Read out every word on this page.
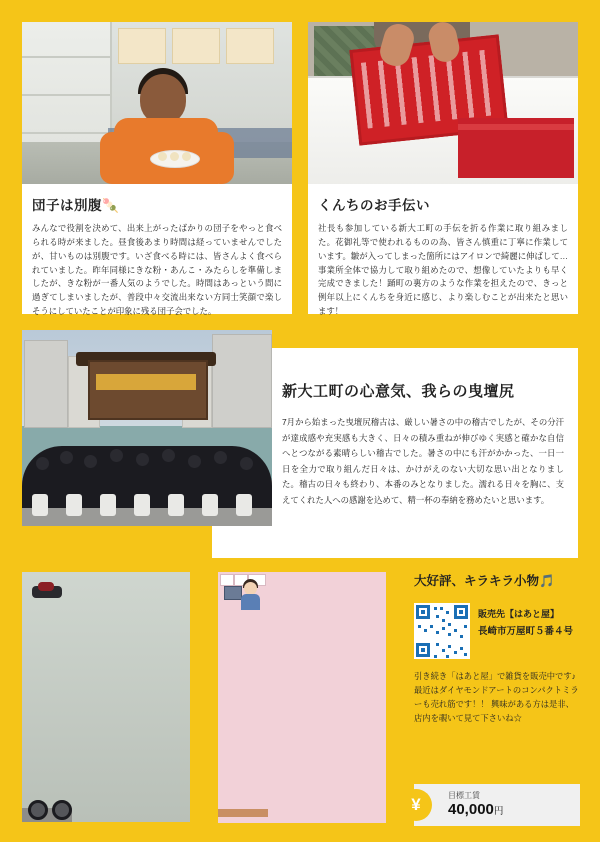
団子は別腹🍡

みんなで役割を決めて、出来上がったばかりの団子をやっと食べられる時が来ました。昼食後あまり時間は経っていませんでしたが、甘いものは別腹です。いざ食べる時には、皆さんよく食べられていました。昨年同様にきな粉・あんこ・みたらしを準備しましたが、きな粉が一番人気のようでした。時間はあっという間に過ぎてしまいましたが、普段中々交流出来ない方同士笑顔で楽しそうにしていたことが印象に残る団子会でした。

くんちのお手伝い

社長も参加している新大工町の手伝を折る作業に取り組みました。花御礼等で使われるものの為、皆さん慎重に丁寧に作業しています。皺が入ってしまった箇所にはアイロンで綺麗に伸ばして…事業所全体で協力して取り組めたので、想像していたよりも早く完成できました！踊町の裏方のような作業を担えたので、きっと例年以上にくんちを身近に感じ、より楽しむことが出来たと思います！

新大工町の心意気、我らの曳壇尻

7月から始まった曳壇尻稽古は、厳しい暑さの中の稽古でしたが、その分汗が達成感や充実感も大きく、日々の積み重ねが伸びゆく実感と確かな自信へとつながる素晴らしい稽古でした。暑さの中にも汗がかかった、一日一日を全力で取り組んだ日々は、かけがえのない大切な思い出となりました。稽古の日々も終わり、本番のみとなりました。濡れる日々を胸に、支えてくれた人への感謝を込めて、精一杯の奉納を務めたいと思います。

大好評、キラキラ小物🎵
販売先【はあと屋】
長崎市万屋町５番４号

引き続き「はあと屋」で雑貨を販売中です♪ 最近はダイヤモンドアートのコンパクトミラーも売れ筋です！！ 興味がある方は是非、店内を覗いて見て下さいね☆

¥	目標工賃
40,000円
